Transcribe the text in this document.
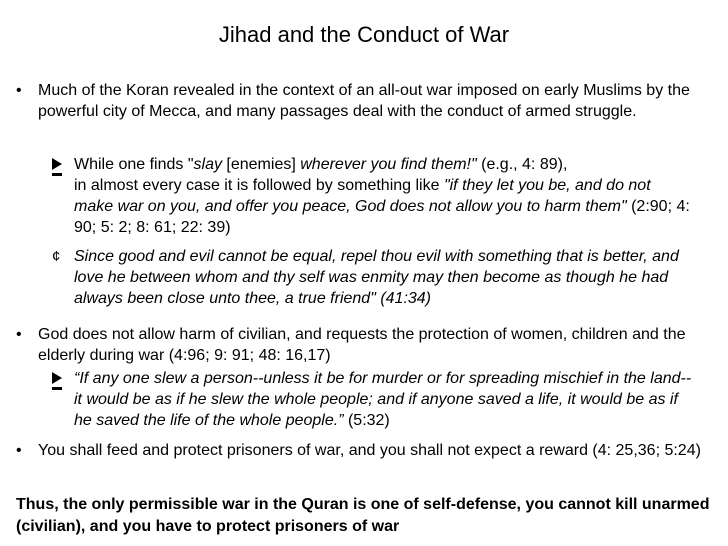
Jihad and the Conduct of War
•	Much of the Koran revealed in the context of an all-out war imposed on early Muslims by the powerful city of Mecca, and many passages deal with the conduct of armed struggle.
While one finds "slay [enemies] wherever you find them!" (e.g., 4: 89),
in almost every case it is followed by something like "if they let you be, and do not make war on you, and offer you peace, God does not allow you to harm them" (2:90; 4: 90; 5: 2; 8: 61; 22: 39)
¢ Since good and evil cannot be equal, repel thou evil with something that is better, and love he between whom and thy self was enmity may then become as though he had always been close unto thee, a true friend" (41:34)
•	God does not allow harm of civilian, and requests the protection of women, children and the elderly during war (4:96; 9: 91; 48: 16,17)
“If any one slew a person--unless it be for murder or for spreading mischief in the land--it would be as if he slew the whole people; and if anyone saved a life, it would be as if he saved the life of the whole people.” (5:32)
•	You shall feed and protect prisoners of war, and you shall not expect a reward (4: 25,36; 5:24)
Thus, the only permissible war in the Quran is one of self-defense, you cannot kill unarmed (civilian), and you have to protect prisoners of war
